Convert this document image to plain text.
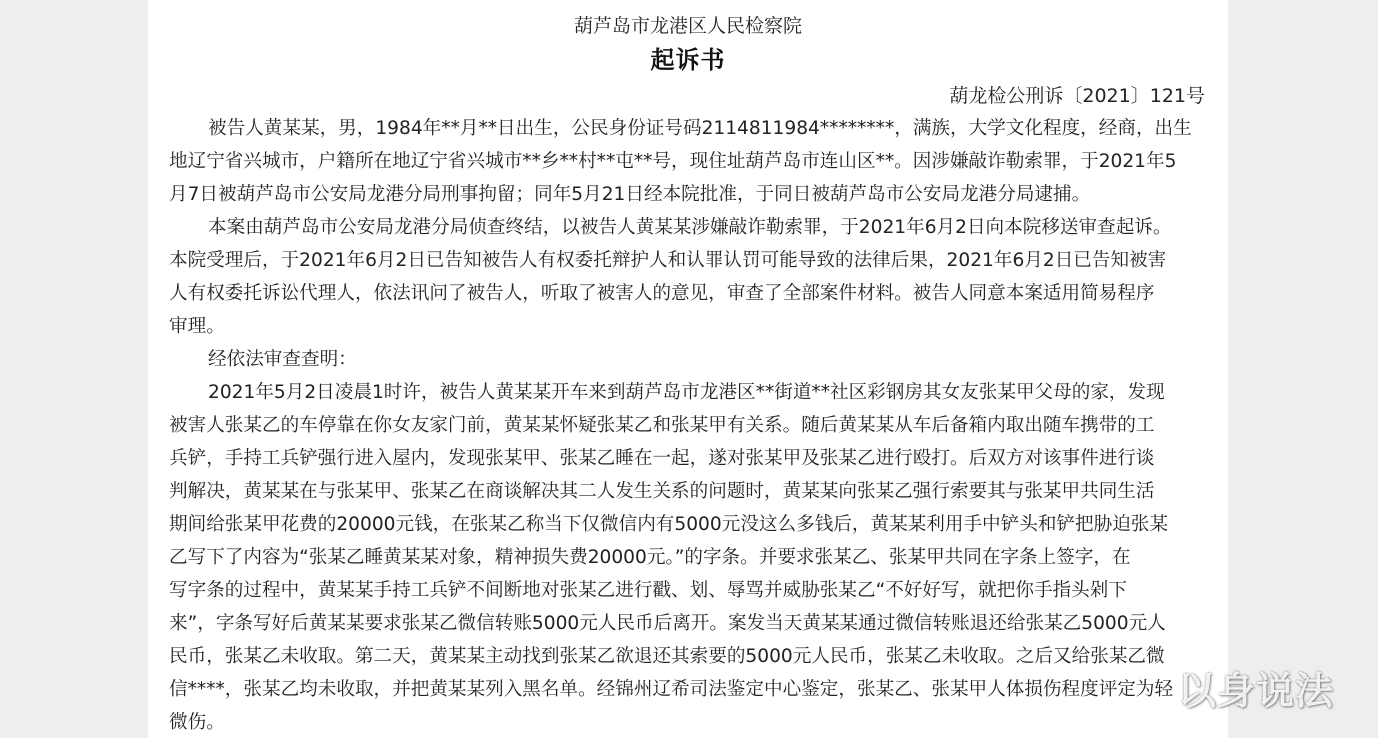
葫芦岛市龙港区人民检察院
起诉书
葫龙检公刑诉〔2021〕121号
被告人黄某某，男，1984年**月**日出生，公民身份证号码2114811984********，满族，大学文化程度，经商，出生
地辽宁省兴城市，户籍所在地辽宁省兴城市**乡**村**屯**号，现住址葫芦岛市连山区**。因涉嫌敲诈勒索罪，于2021年5
月7日被葫芦岛市公安局龙港分局刑事拘留；同年5月21日经本院批准，于同日被葫芦岛市公安局龙港分局逮捕。
本案由葫芦岛市公安局龙港分局侦查终结，以被告人黄某某涉嫌敲诈勒索罪，于2021年6月2日向本院移送审查起诉。
本院受理后，于2021年6月2日已告知被告人有权委托辩护人和认罪认罚可能导致的法律后果，2021年6月2日已告知被害
人有权委托诉讼代理人，依法讯问了被告人，听取了被害人的意见，审查了全部案件材料。被告人同意本案适用简易程序
审理。
经依法审查查明：
2021年5月2日凌晨1时许，被告人黄某某开车来到葫芦岛市龙港区**街道**社区彩钢房其女友张某甲父母的家，发现
被害人张某乙的车停靠在你女友家门前，黄某某怀疑张某乙和张某甲有关系。随后黄某某从车后备箱内取出随车携带的工
兵铲，手持工兵铲强行进入屋内，发现张某甲、张某乙睡在一起，遂对张某甲及张某乙进行殴打。后双方对该事件进行谈
判解决，黄某某在与张某甲、张某乙在商谈解决其二人发生关系的问题时，黄某某向张某乙强行索要其与张某甲共同生活
期间给张某甲花费的20000元钱，在张某乙称当下仅微信内有5000元没这么多钱后，黄某某利用手中铲头和铲把胁迫张某
乙写下了内容为“张某乙睡黄某某对象，精神损失费20000元。”的字条。并要求张某乙、张某甲共同在字条上签字，在
写字条的过程中，黄某某手持工兵铲不间断地对张某乙进行戳、划、辱骂并威胁张某乙“不好好写，就把你手指头剁下
来”，字条写好后黄某某要求张某乙微信转账5000元人民币后离开。案发当天黄某某通过微信转账退还给张某乙5000元人
民币，张某乙未收取。第二天，黄某某主动找到张某乙欲退还其索要的5000元人民币，张某乙未收取。之后又给张某乙微
信****，张某乙均未收取，并把黄某某列入黑名单。经锦州辽希司法鉴定中心鉴定，张某乙、张某甲人体损伤程度评定为轻
微伤。
以身说法
